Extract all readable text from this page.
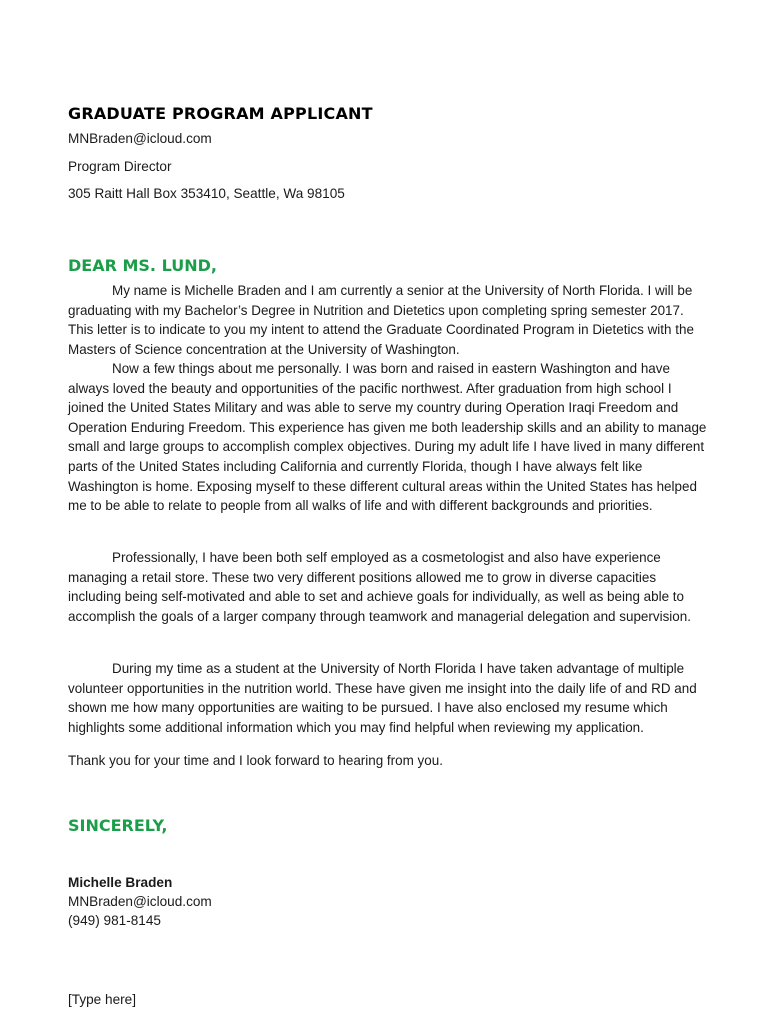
GRADUATE PROGRAM APPLICANT
MNBraden@icloud.com
Program Director
305 Raitt Hall Box 353410, Seattle, Wa 98105
DEAR MS. LUND,
My name is Michelle Braden and I am currently a senior at the University of North Florida. I will be graduating with my Bachelor’s Degree in Nutrition and Dietetics upon completing spring semester 2017. This letter is to indicate to you my intent to attend the Graduate Coordinated Program in Dietetics with the Masters of Science concentration at the University of Washington.
Now a few things about me personally. I was born and raised in eastern Washington and have always loved the beauty and opportunities of the pacific northwest. After graduation from high school I joined the United States Military and was able to serve my country during Operation Iraqi Freedom and Operation Enduring Freedom. This experience has given me both leadership skills and an ability to manage small and large groups to accomplish complex objectives. During my adult life I have lived in many different parts of the United States including California and currently Florida, though I have always felt like Washington is home. Exposing myself to these different cultural areas within the United States has helped me to be able to relate to people from all walks of life and with different backgrounds and priorities.
Professionally, I have been both self employed as a cosmetologist and also have experience managing a retail store. These two very different positions allowed me to grow in diverse capacities including being self-motivated and able to set and achieve goals for individually, as well as being able to accomplish the goals of a larger company through teamwork and managerial delegation and supervision.
During my time as a student at the University of North Florida I have taken advantage of multiple volunteer opportunities in the nutrition world. These have given me insight into the daily life of and RD and shown me how many opportunities are waiting to be pursued. I have also enclosed my resume which highlights some additional information which you may find helpful when reviewing my application.
Thank you for your time and I look forward to hearing from you.
SINCERELY,
Michelle Braden
MNBraden@icloud.com
(949) 981-8145
[Type here]
